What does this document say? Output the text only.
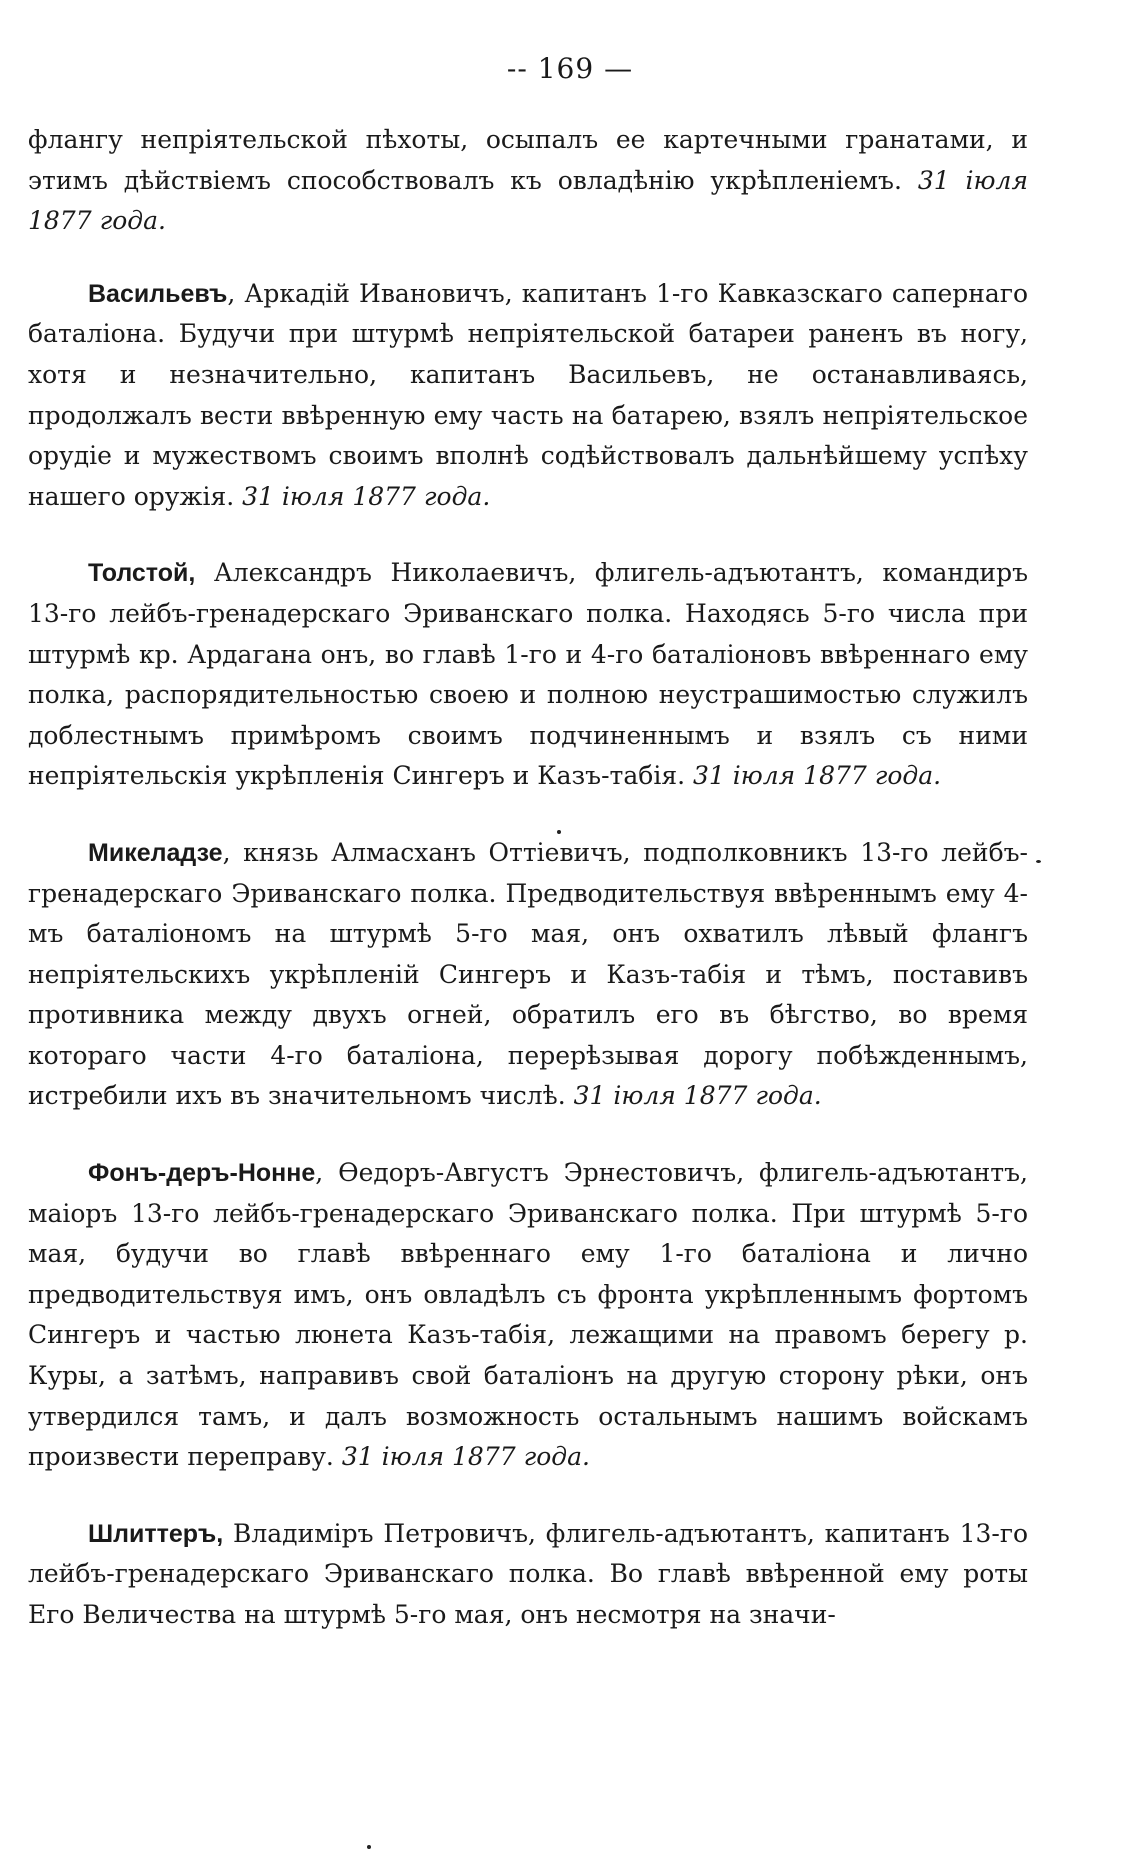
-- 169 —

флангу непріятельской пѣхоты, осыпалъ ее картечными гранатами, и этимъ дѣйствіемъ способствовалъ къ овладѣнію укрѣпленіемъ. 31 іюля 1877 года.

Васильевъ, Аркадій Ивановичъ, капитанъ 1-го Кавказскаго сапернаго баталіона. Будучи при штурмѣ непріятельской батареи раненъ въ ногу, хотя и незначительно, капитанъ Васильевъ, не останавливаясь, продолжалъ вести ввѣренную ему часть на батарею, взялъ непріятельское орудіе и мужествомъ своимъ вполнѣ содѣйствовалъ дальнѣйшему успѣху нашего оружія. 31 іюля 1877 года.

Толстой, Александръ Николаевичъ, флигель-адъютантъ, командиръ 13-го лейбъ-гренадерскаго Эриванскаго полка. Находясь 5-го числа при штурмѣ кр. Ардагана онъ, во главѣ 1-го и 4-го баталіоновъ ввѣреннаго ему полка, распорядительностью своею и полною неустрашимостью служилъ доблестнымъ примѣромъ своимъ подчиненнымъ и взялъ съ ними непріятельскія укрѣпленія Сингеръ и Казъ-табія. 31 іюля 1877 года.

Микеладзе, князь Алмасханъ Оттіевичъ, подполковникъ 13-го лейбъ-гренадерскаго Эриванскаго полка. Предводительствуя ввѣреннымъ ему 4-мъ баталіономъ на штурмѣ 5-го мая, онъ охватилъ лѣвый флангъ непріятельскихъ укрѣпленій Сингеръ и Казъ-табія и тѣмъ, поставивъ противника между двухъ огней, обратилъ его въ бѣгство, во время котораго части 4-го баталіона, перерѣзывая дорогу побѣжденнымъ, истребили ихъ въ значительномъ числѣ. 31 іюля 1877 года.

Фонъ-деръ-Нонне, Ѳедоръ-Августъ Эрнестовичъ, флигель-адъютантъ, маіоръ 13-го лейбъ-гренадерскаго Эриванскаго полка. При штурмѣ 5-го мая, будучи во главѣ ввѣреннаго ему 1-го баталіона и лично предводительствуя имъ, онъ овладѣлъ съ фронта укрѣпленнымъ фортомъ Сингеръ и частью люнета Казъ-табія, лежащими на правомъ берегу р. Куры, а затѣмъ, направивъ свой баталіонъ на другую сторону рѣки, онъ утвердился тамъ, и далъ возможность остальнымъ нашимъ войскамъ произвести переправу. 31 іюля 1877 года.

Шлиттеръ, Владиміръ Петровичъ, флигель-адъютантъ, капитанъ 13-го лейбъ-гренадерскаго Эриванскаго полка. Во главѣ ввѣренной ему роты Его Величества на штурмѣ 5-го мая, онъ несмотря на значи-
